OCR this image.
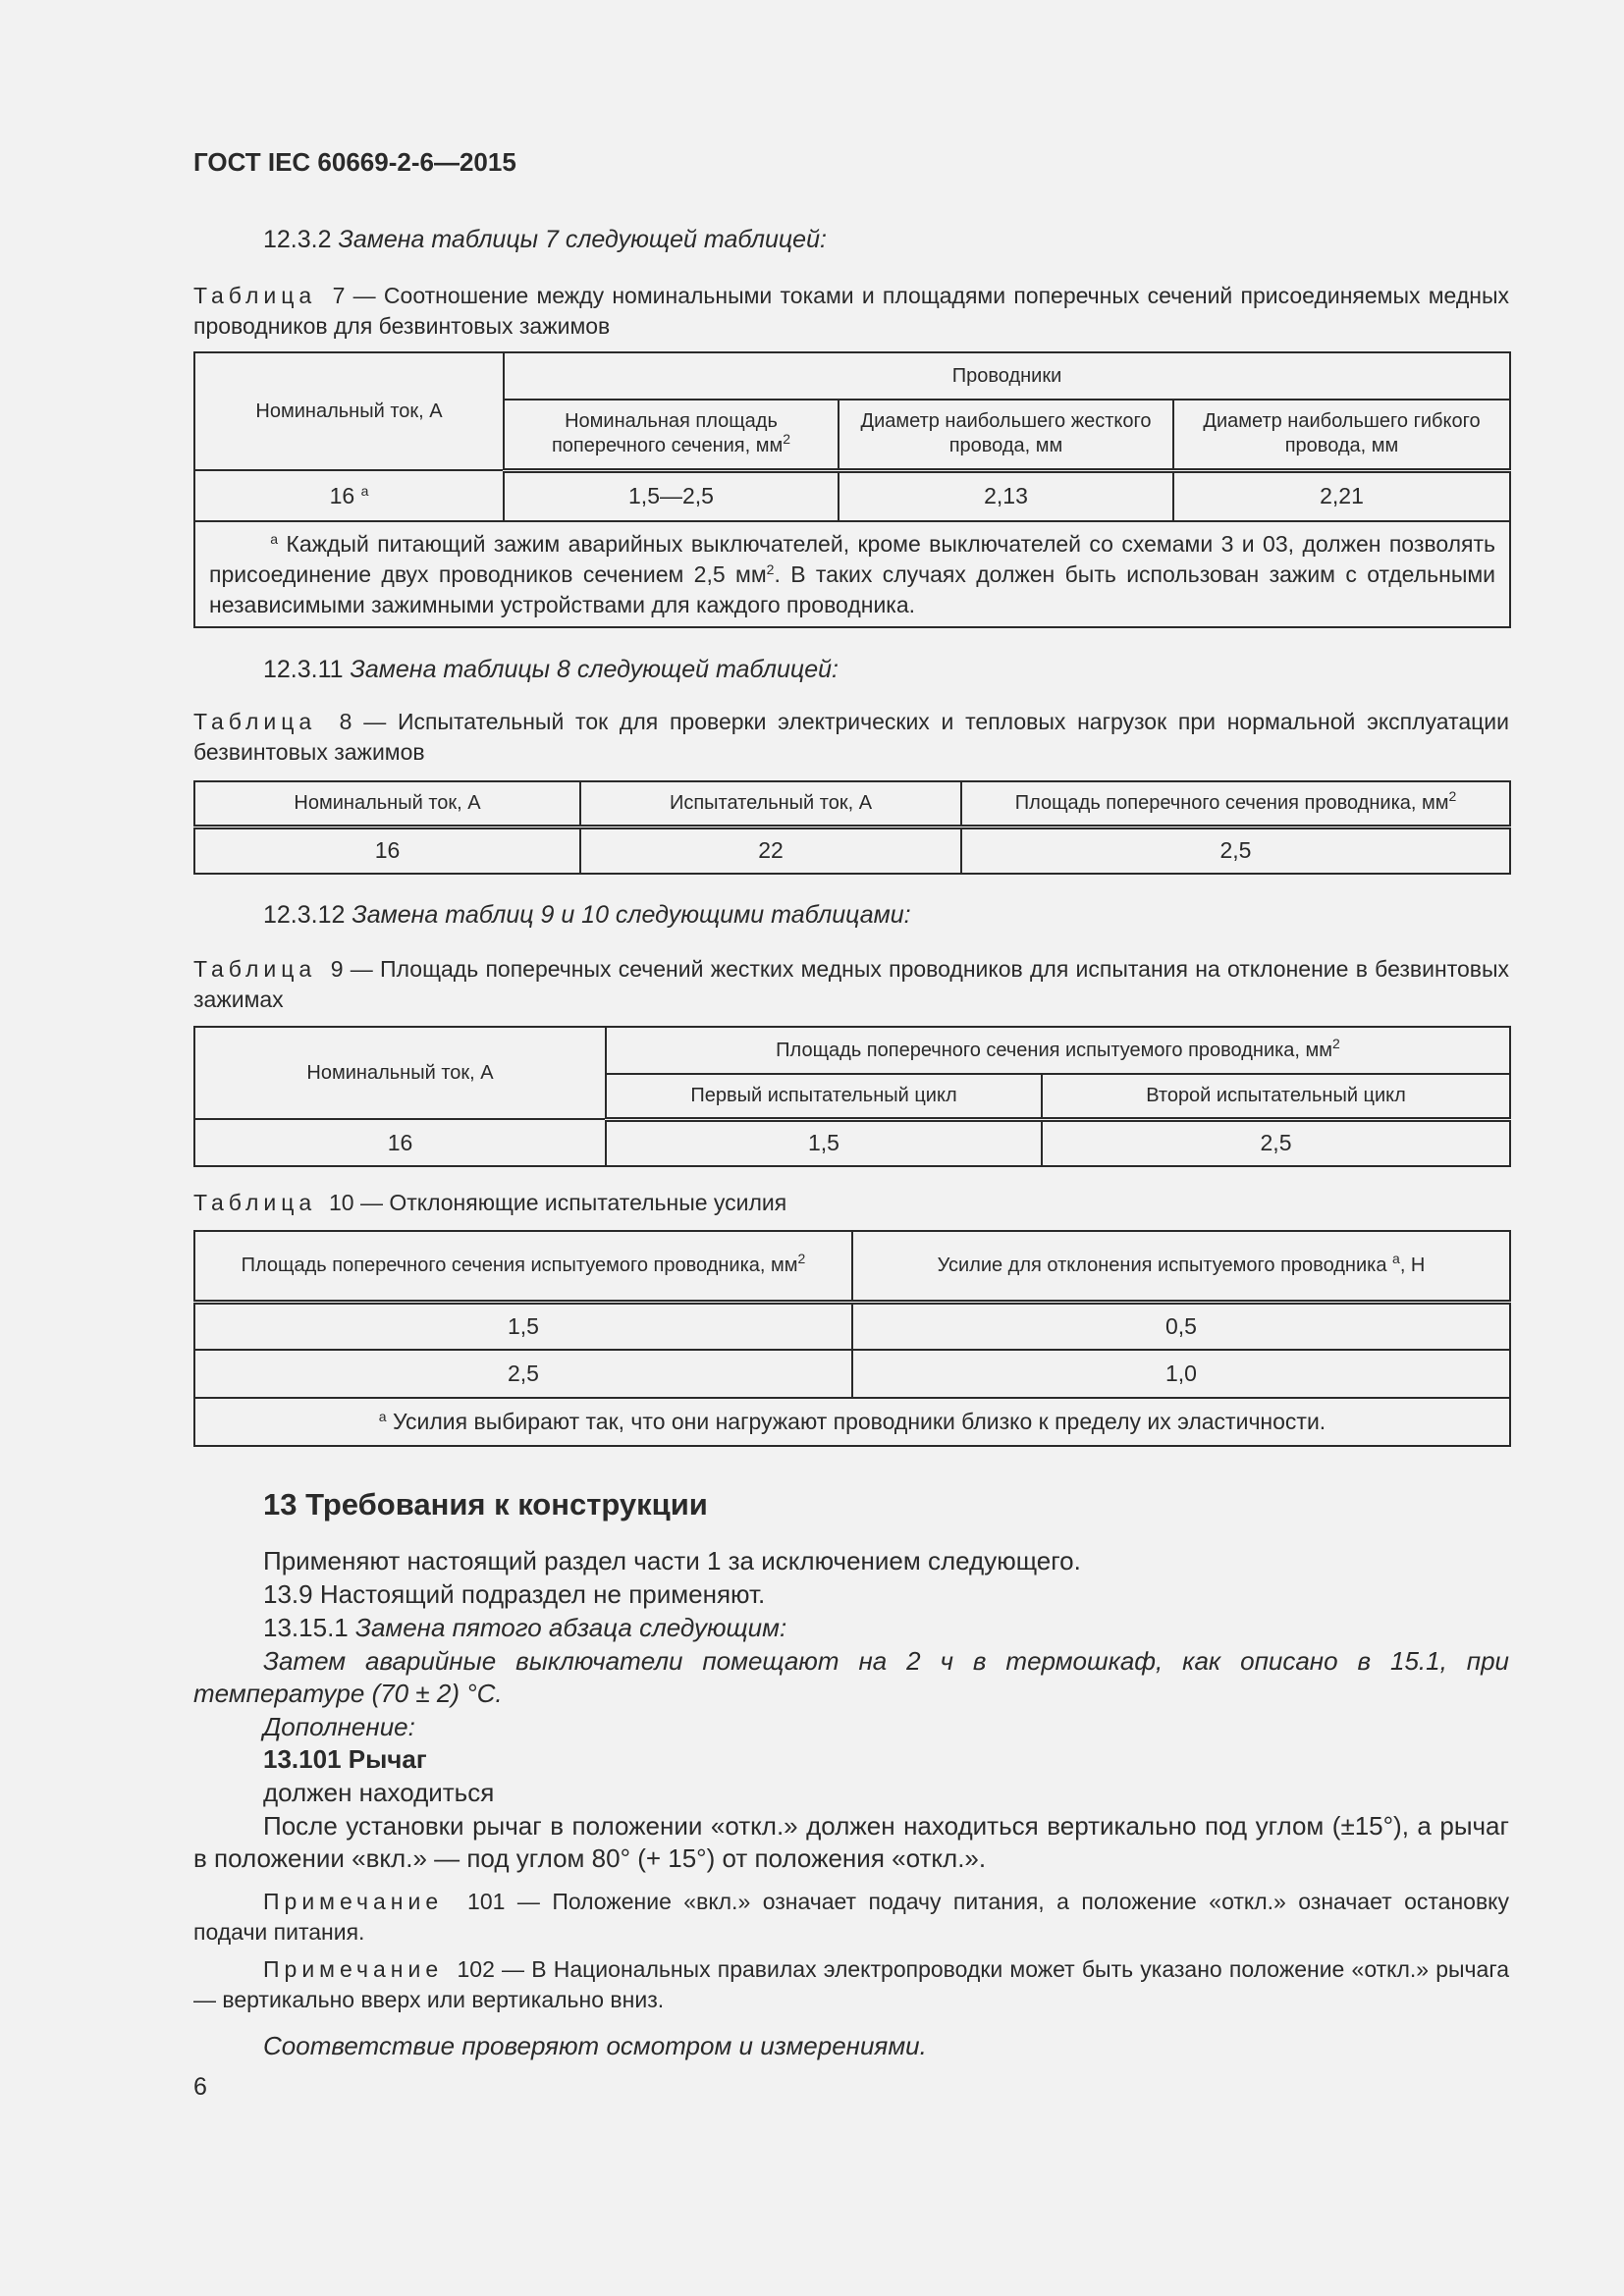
ГОСТ IEC 60669-2-6—2015
12.3.2 Замена таблицы 7 следующей таблицей:
Таблица 7 — Соотношение между номинальными токами и площадями поперечных сечений присоединяемых медных проводников для безвинтовых зажимов
Номинальный ток, А	Проводники		
	Номинальная площадь поперечного сечения, $мм^2$	Диаметр наибольшего жесткого провода, мм	Диаметр наибольшего гибкого провода, мм
16 $^a$	1,5—2,5	2,13	2,21
$^a$ Каждый питающий зажим аварийных выключателей, кроме выключателей со схемами 3 и 03, должен позволять присоединение двух проводников сечением 2,5 $мм^2$. В таких случаях должен быть использован зажим с отдельными независимыми зажимными устройствами для каждого проводника.			
12.3.11 Замена таблицы 8 следующей таблицей:
Таблица 8 — Испытательный ток для проверки электрических и тепловых нагрузок при нормальной эксплуатации безвинтовых зажимов
Номинальный ток, А	Испытательный ток, А	Площадь поперечного сечения проводника, $мм^2$
16	22	2,5
12.3.12 Замена таблиц 9 и 10 следующими таблицами:
Таблица 9 — Площадь поперечных сечений жестких медных проводников для испытания на отклонение в безвинтовых зажимах
Номинальный ток, А	Площадь поперечного сечения испытуемого проводника, $мм^2$
	Первый испытательный цикл	Второй испытательный цикл
16	1,5	2,5
Таблица 10 — Отклоняющие испытательные усилия
Площадь поперечного сечения испытуемого проводника, $мм^2$	Усилие для отклонения испытуемого проводника $^a$, Н
1,5	0,5
2,5	1,0
$^a$ Усилия выбирают так, что они нагружают проводники близко к пределу их эластичности.	
13 Требования к конструкции
Применяют настоящий раздел части 1 за исключением следующего.
13.9 Настоящий подраздел не применяют.
13.15.1 Замена пятого абзаца следующим:
Затем аварийные выключатели помещают на 2 ч в термошкаф, как описано в 15.1, при температуре (70 ± 2) °С.
Дополнение:
13.101 Рычаг
должен находиться
После установки рычаг в положении «откл.» должен находиться вертикально под углом (±15°), а рычаг в положении «вкл.» — под углом 80° (+ 15°) от положения «откл.».
Примечание 101 — Положение «вкл.» означает подачу питания, а положение «откл.» означает остановку подачи питания.
Примечание 102 — В Национальных правилах электропроводки может быть указано положение «откл.» рычага — вертикально вверх или вертикально вниз.
Соответствие проверяют осмотром и измерениями.
6
